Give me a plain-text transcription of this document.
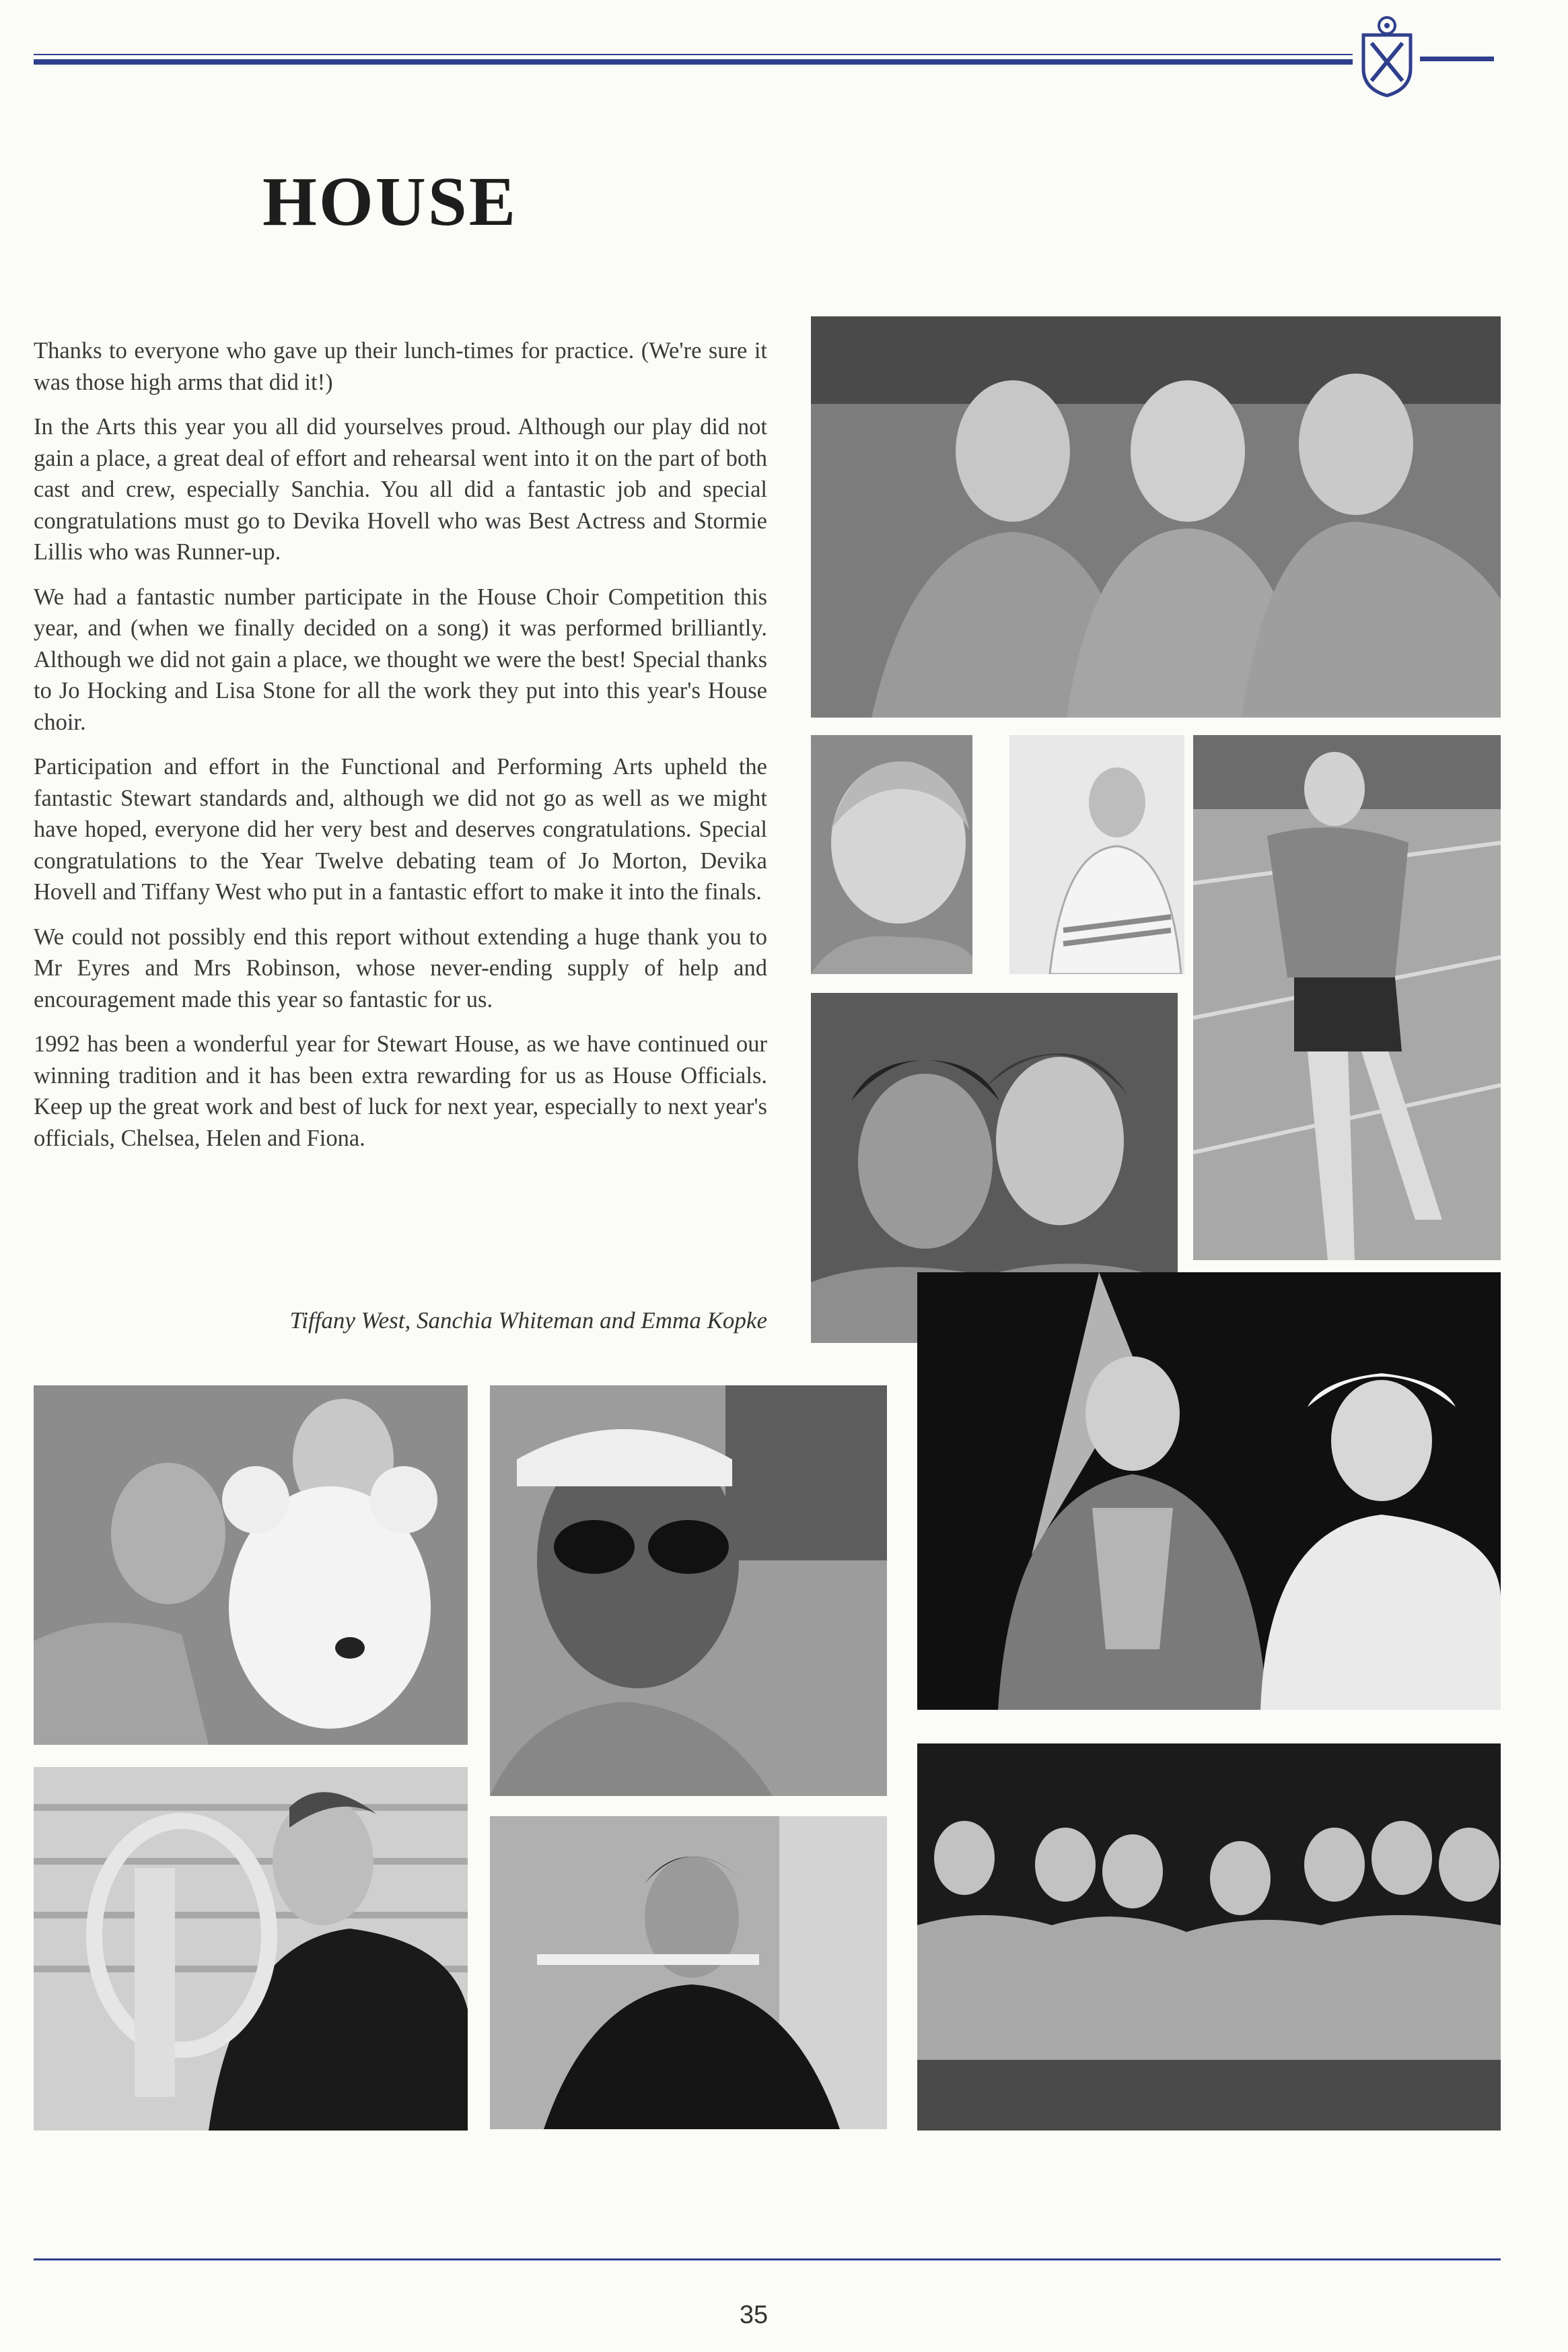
HOUSE

Thanks to everyone who gave up their lunch-times for practice. (We're sure it was those high arms that did it!)

In the Arts this year you all did yourselves proud. Although our play did not gain a place, a great deal of effort and rehearsal went into it on the part of both cast and crew, especially Sanchia. You all did a fantastic job and special congratulations must go to Devika Hovell who was Best Actress and Stormie Lillis who was Runner-up.

We had a fantastic number participate in the House Choir Competition this year, and (when we finally decided on a song) it was performed brilliantly. Although we did not gain a place, we thought we were the best! Special thanks to Jo Hocking and Lisa Stone for all the work they put into this year's House choir.

Participation and effort in the Functional and Performing Arts upheld the fantastic Stewart standards and, although we did not go as well as we might have hoped, everyone did her very best and deserves congratulations. Special congratulations to the Year Twelve debating team of Jo Morton, Devika Hovell and Tiffany West who put in a fantastic effort to make it into the finals.

We could not possibly end this report without extending a huge thank you to Mr Eyres and Mrs Robinson, whose never-ending supply of help and encouragement made this year so fantastic for us.

1992 has been a wonderful year for Stewart House, as we have continued our winning tradition and it has been extra rewarding for us as House Officials. Keep up the great work and best of luck for next year, especially to next year's officials, Chelsea, Helen and Fiona.

Tiffany West, Sanchia Whiteman and Emma Kopke
35
